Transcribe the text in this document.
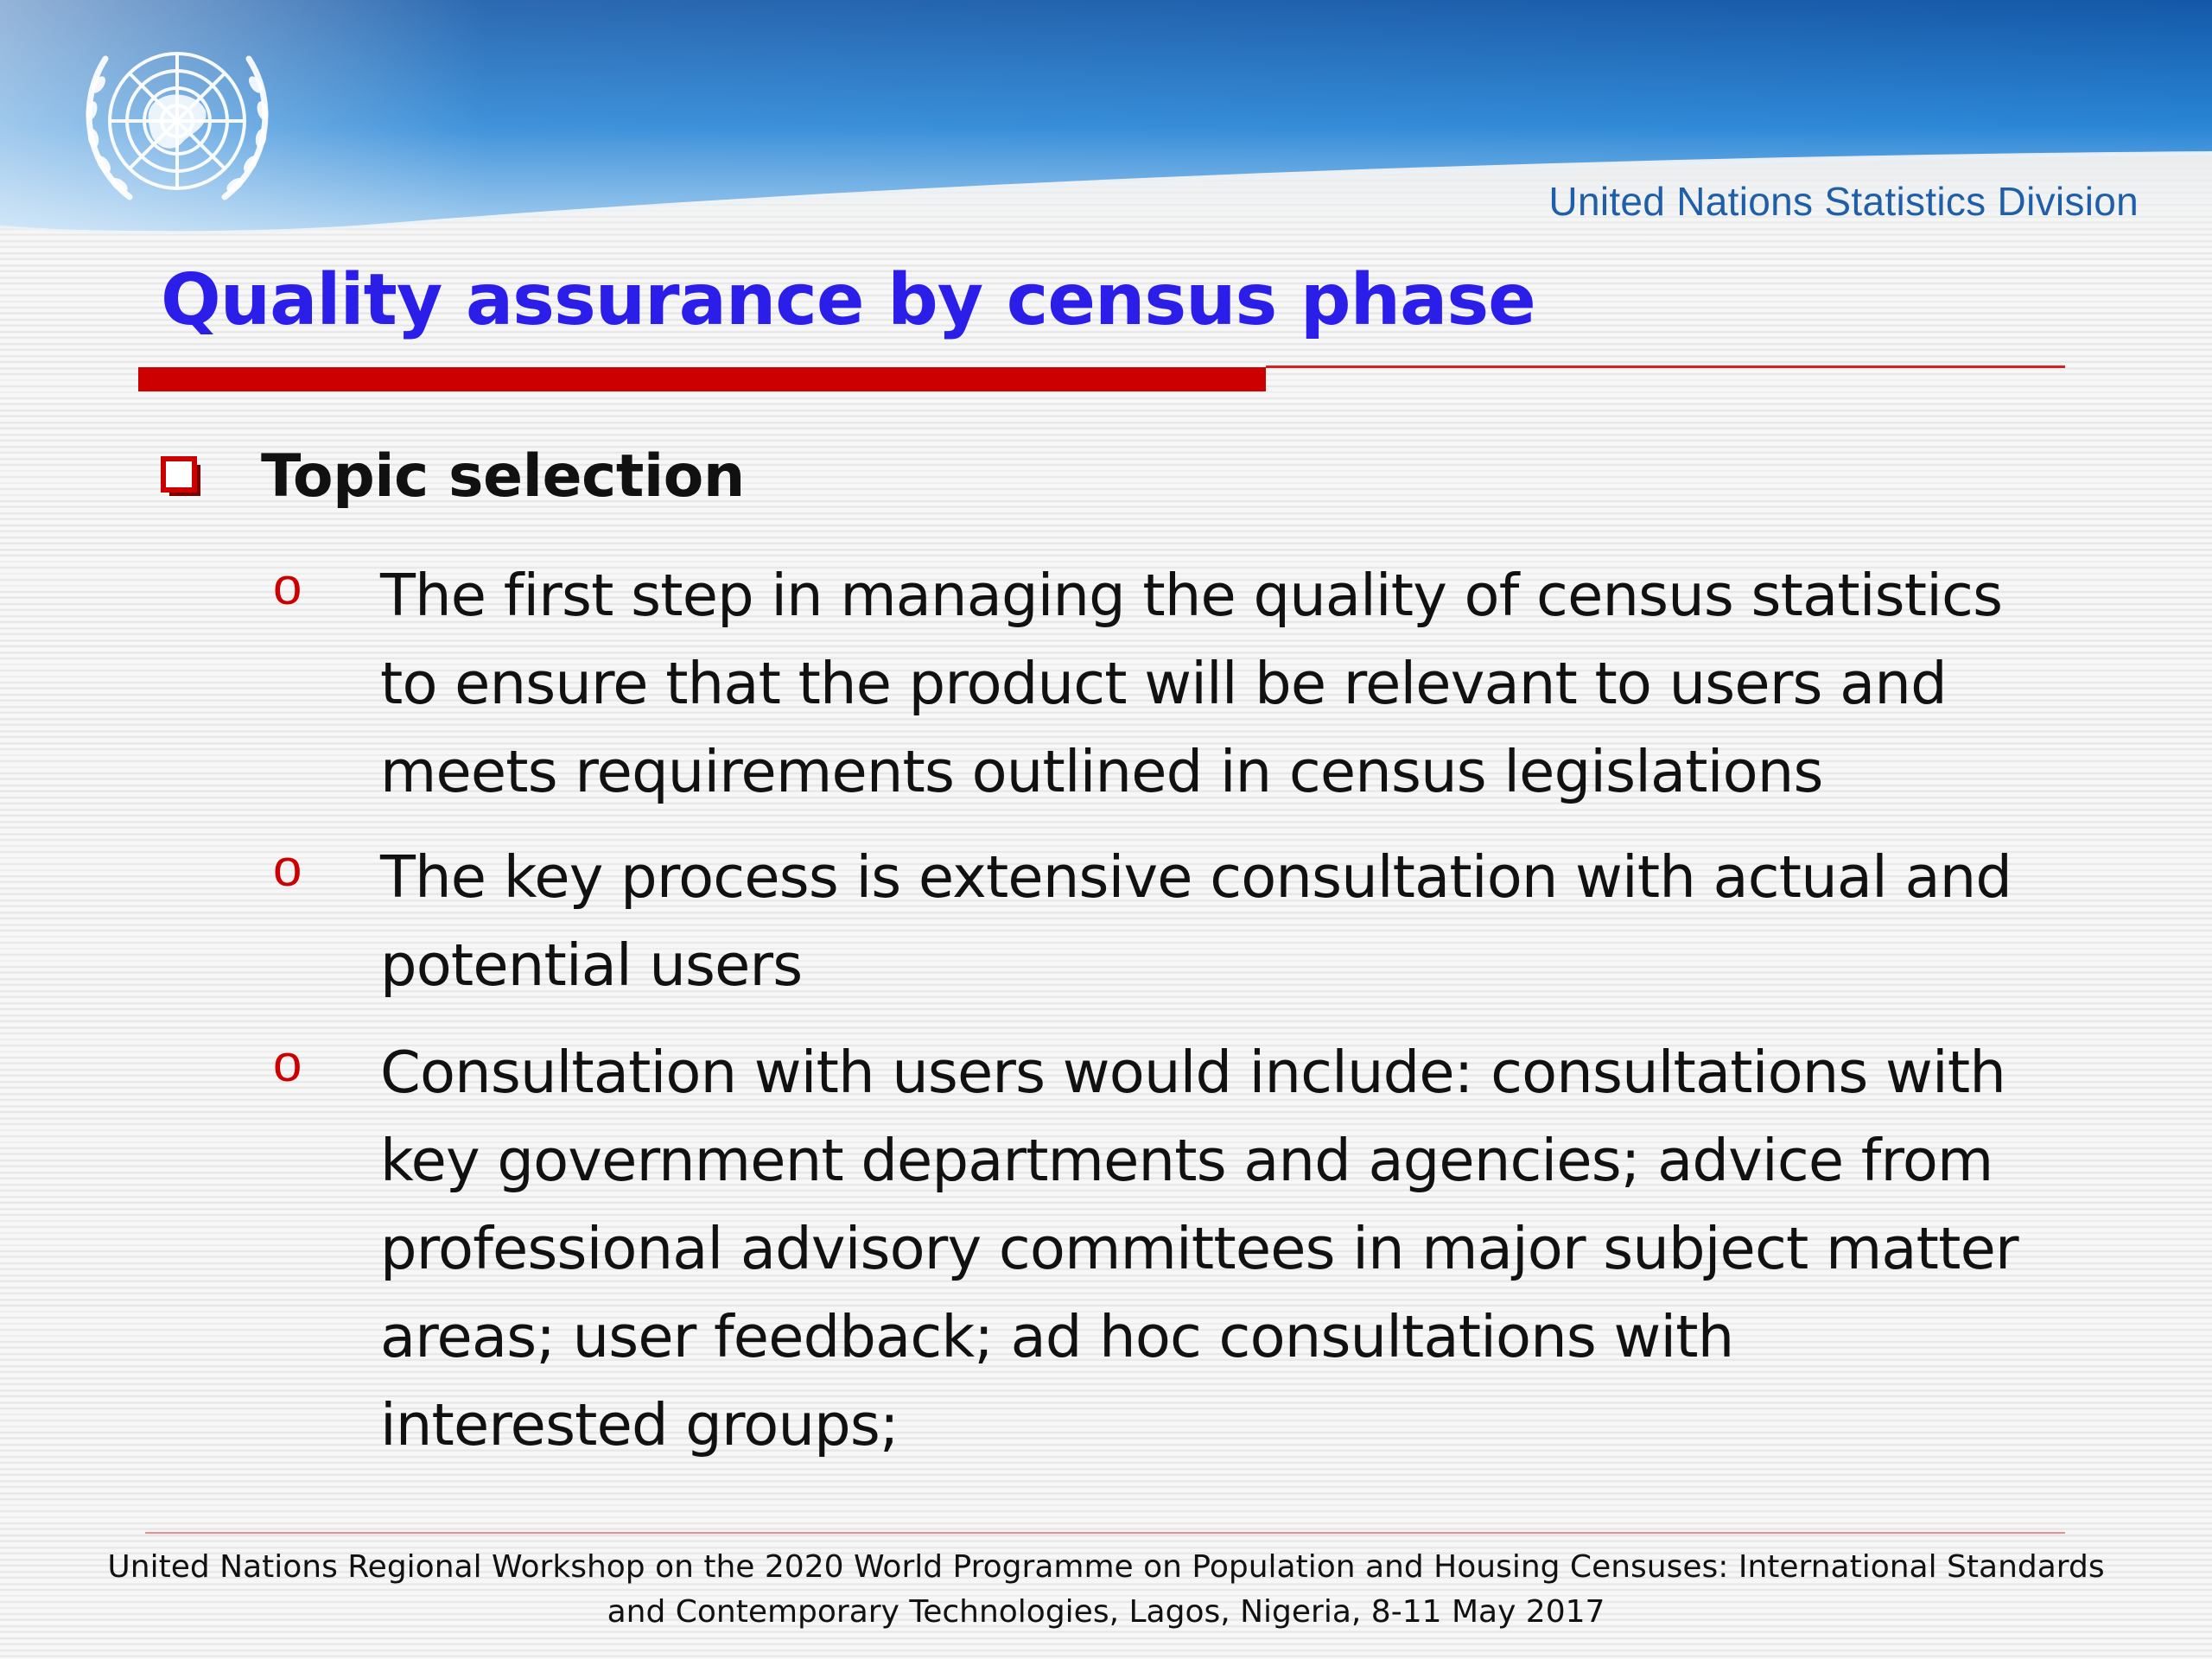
United Nations Statistics Division
Quality assurance by census phase
Topic selection
o The first step in managing the quality of census statistics
to ensure that the product will be relevant to users and
meets requirements outlined in census legislations
o The key process is extensive consultation with actual and
potential users
o Consultation with users would include: consultations with
key government departments and agencies; advice from
professional advisory committees in major subject matter
areas; user feedback; ad hoc consultations with
interested groups;
United Nations Regional Workshop on the 2020 World Programme on Population and Housing Censuses: International Standards
and Contemporary Technologies, Lagos, Nigeria, 8-11 May 2017
